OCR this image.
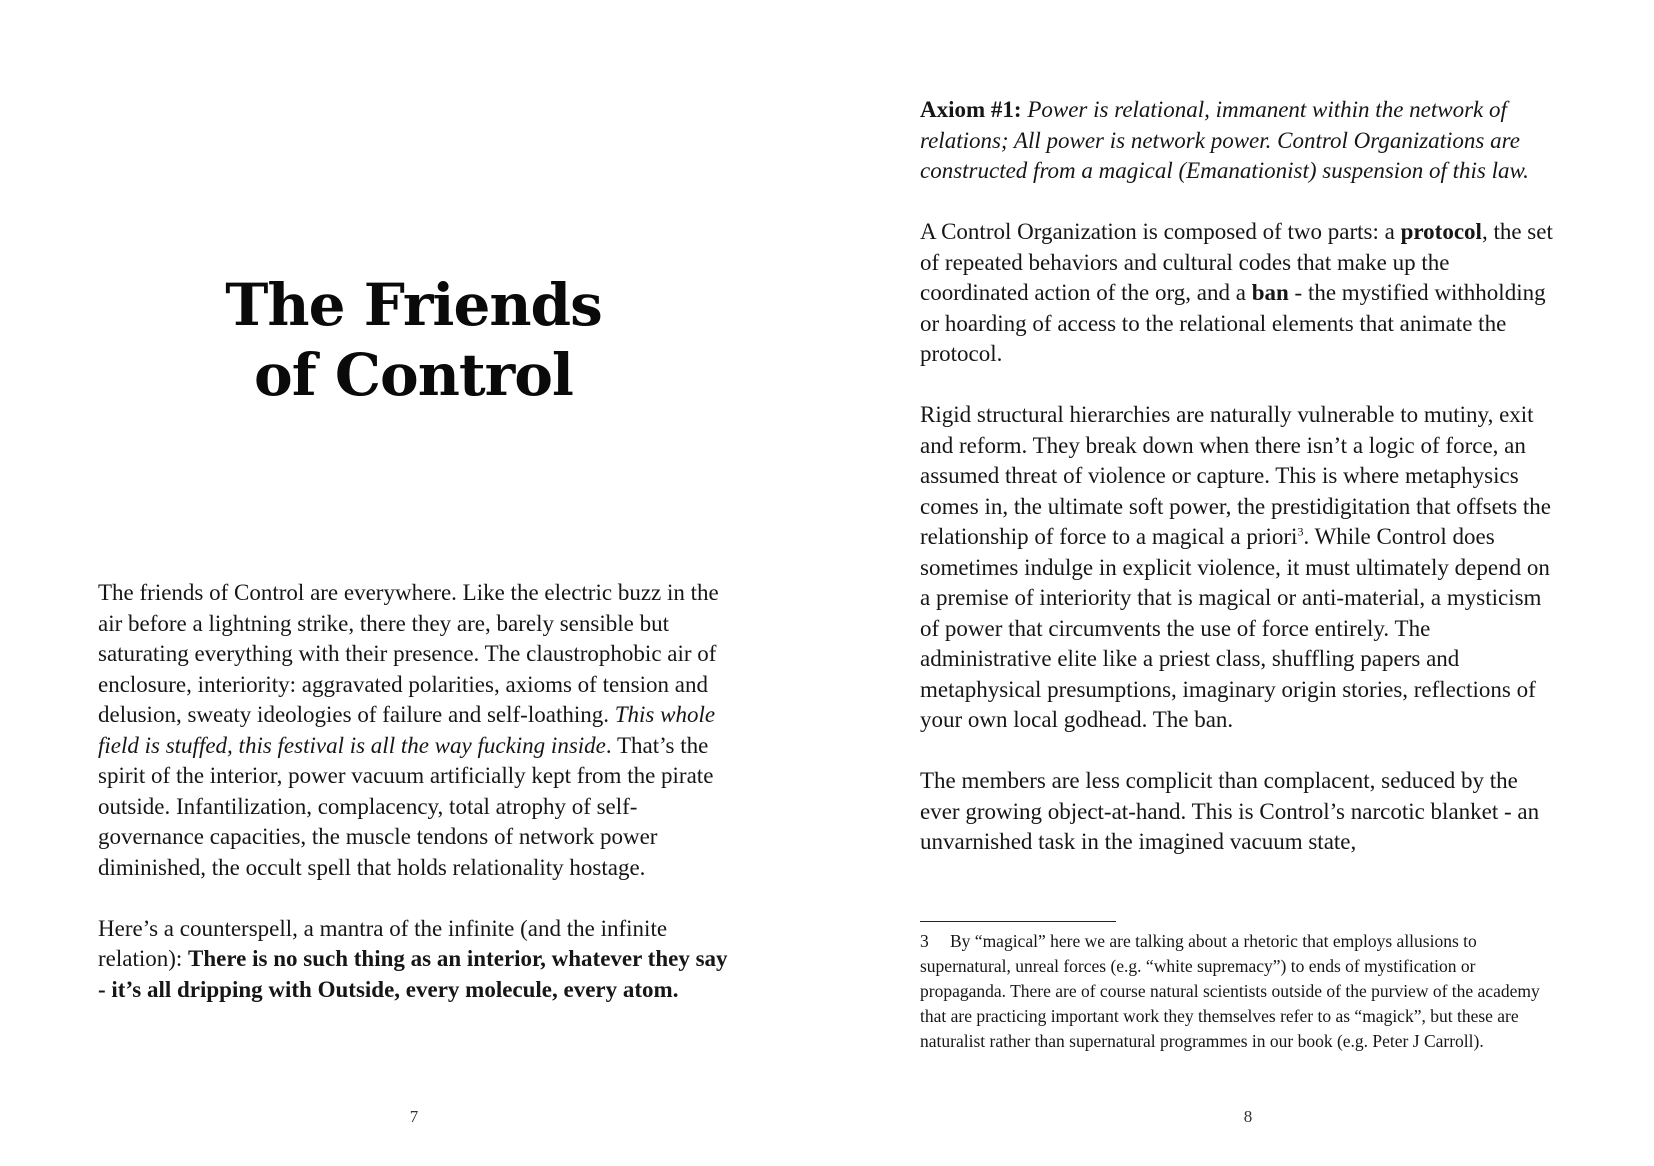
The Friends
of Control

The friends of Control are everywhere. Like the electric buzz in the air before a lightning strike, there they are, barely sensible but saturating everything with their presence. The claustrophobic air of enclosure, interiority: aggravated polarities, axioms of tension and delusion, sweaty ideologies of failure and self-loathing. This whole field is stuffed, this festival is all the way fucking inside. That’s the spirit of the interior, power vacuum artificially kept from the pirate outside. Infantilization, complacency, total atrophy of self-governance capacities, the muscle tendons of network power diminished, the occult spell that holds relationality hostage.

Here’s a counterspell, a mantra of the infinite (and the infinite relation): There is no such thing as an interior, whatever they say - it’s all dripping with Outside, every molecule, every atom.

7

Axiom #1: Power is relational, immanent within the network of relations; All power is network power. Control Organizations are constructed from a magical (Emanationist) suspension of this law.

A Control Organization is composed of two parts: a protocol, the set of repeated behaviors and cultural codes that make up the coordinated action of the org, and a ban - the mystified withholding or hoarding of access to the relational elements that animate the protocol.

Rigid structural hierarchies are naturally vulnerable to mutiny, exit and reform. They break down when there isn’t a logic of force, an assumed threat of violence or capture. This is where metaphysics comes in, the ultimate soft power, the prestidigitation that offsets the relationship of force to a magical a priori$^3$. While Control does sometimes indulge in explicit violence, it must ultimately depend on a premise of interiority that is magical or anti-material, a mysticism of power that circumvents the use of force entirely. The administrative elite like a priest class, shuffling papers and metaphysical presumptions, imaginary origin stories, reflections of your own local godhead. The ban.

The members are less complicit than complacent, seduced by the ever growing object-at-hand. This is Control’s narcotic blanket - an unvarnished task in the imagined vacuum state,

3 By “magical” here we are talking about a rhetoric that employs allusions to supernatural, unreal forces (e.g. “white supremacy”) to ends of mystification or propaganda. There are of course natural scientists outside of the purview of the academy that are practicing important work they themselves refer to as “magick”, but these are naturalist rather than supernatural programmes in our book (e.g. Peter J Carroll).
8
